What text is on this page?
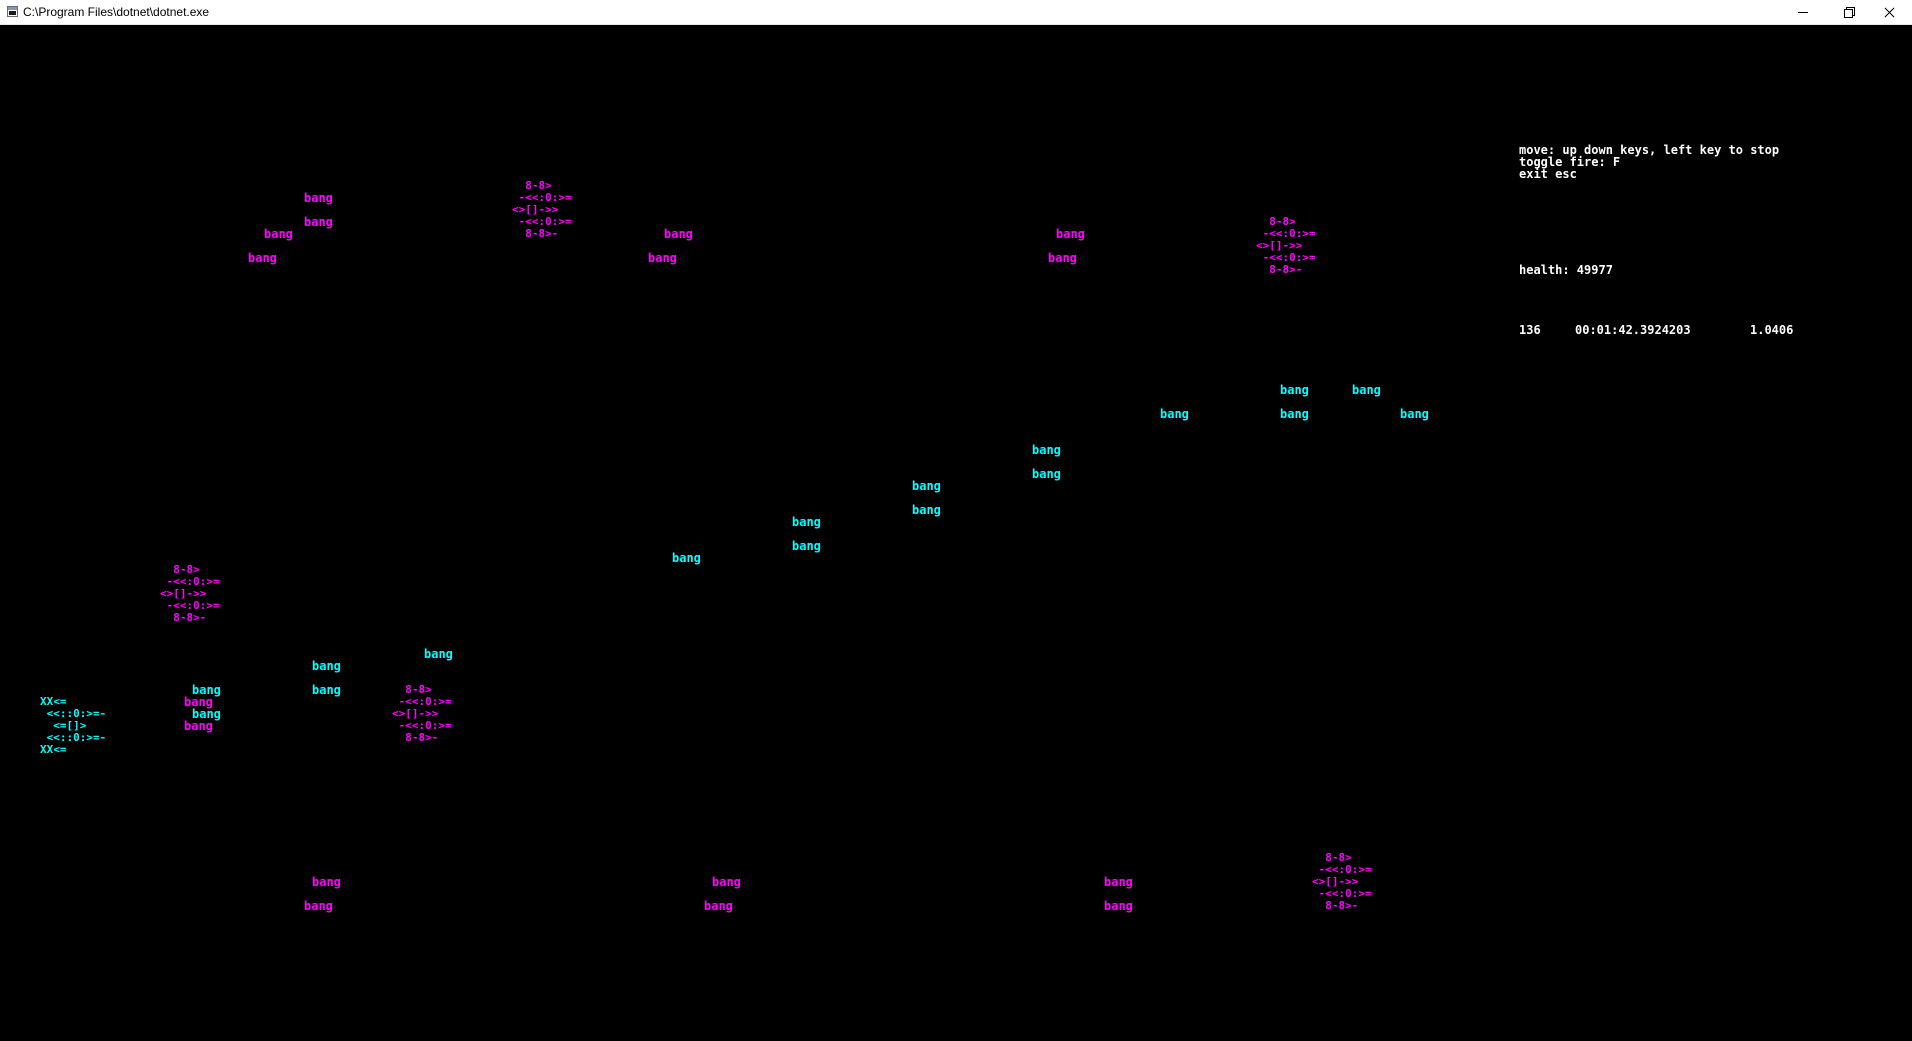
C:\Program Files\dotnet\dotnet.exe
move: up down keys, left key to stop
toggle fire: F
exit esc
health: 49977
136	00:01:42.3924203	1.0406
8-8>
-<<:0:>=
<>[]->>
-<<:0:>=
8-8>-
8-8>
-<<:0:>=
<>[]->>
-<<:0:>=
8-8>-
8-8>
-<<:0:>=
<>[]->>
-<<:0:>=
8-8>-
8-8>
-<<:0:>=
<>[]->>
-<<:0:>=
8-8>-
8-8>
-<<:0:>=
<>[]->>
-<<:0:>=
8-8>-
XX<=
<<::0:>=-
<=[]>
<<::0:>=-
XX<=
bang
bang
bang
bang
bang
bang
bang
bang
bang
bang
bang
bang
bang
bang
bang
bang
bang	bang
bang	bang	bang
bang
bang
bang
bang
bang
bang
bang
bang
bang
bang
bang
bang
